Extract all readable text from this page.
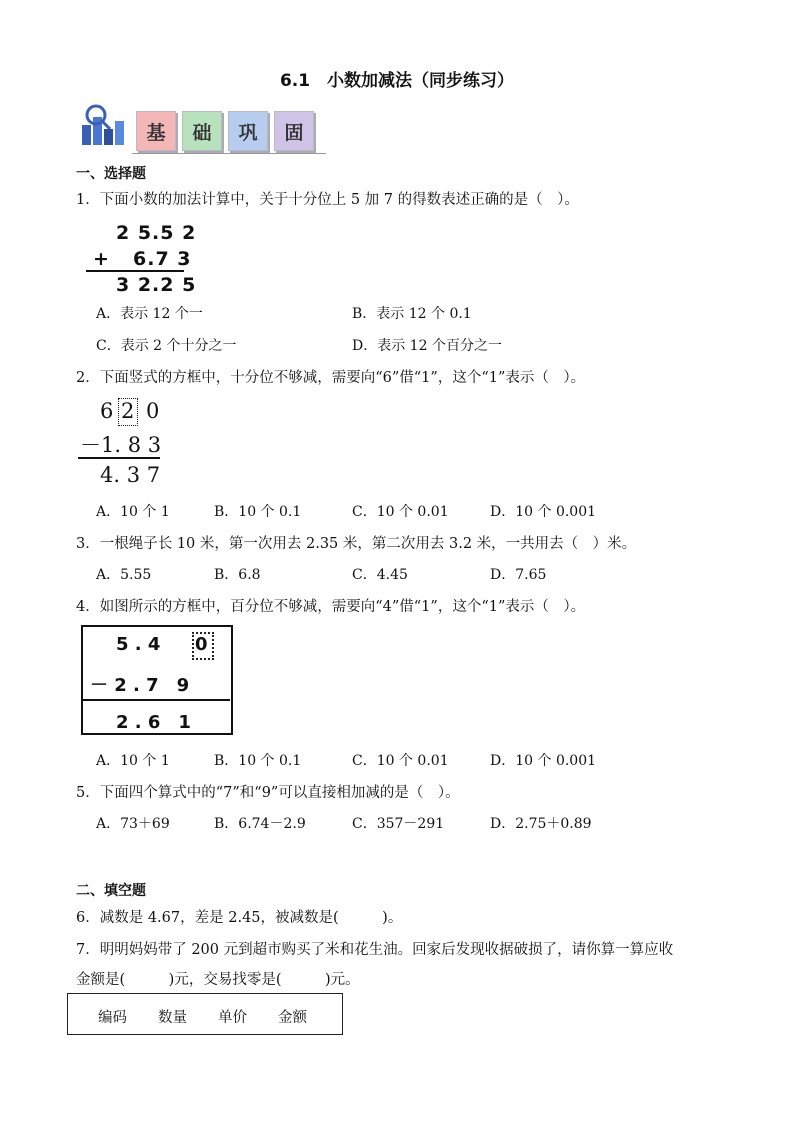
6.1　小数加减法（同步练习）
基	础	巩	固
一、选择题
1．下面小数的加法计算中，关于十分位上 5 加 7 的得数表述正确的是（　）。
2 5.5 2
+ 6.7 3
3 2.2 5
A．表示 12 个一	B．表示 12 个 0.1
C．表示 2 个十分之一	D．表示 12 个百分之一
2．下面竖式的方框中，十分位不够减，需要向“6”借“1”，这个“1”表示（　）。
6 2 0
－1. 8 3
4. 3 7
A．10 个 1	B．10 个 0.1	C．10 个 0.01	D．10 个 0.001
3．一根绳子长 10 米，第一次用去 2.35 米，第二次用去 3.2 米，一共用去（　）米。
A．5.55	B．6.8	C．4.45	D．7.65
4．如图所示的方框中，百分位不够减，需要向“4”借“1”，这个“1”表示（　）。
5 . 4 0
－ 2 . 7　9
2 . 6　1
A．10 个 1	B．10 个 0.1	C．10 个 0.01	D．10 个 0.001
5．下面四个算式中的“7”和“9”可以直接相加减的是（　）。
A．73＋69	B．6.74－2.9	C．357－291	D．2.75＋0.89
二、填空题
6．减数是 4.67，差是 2.45，被减数是(　　　)。
7．明明妈妈带了 200 元到超市购买了米和花生油。回家后发现收据破损了，请你算一算应收
金额是(　　　)元，交易找零是(　　　)元。
编码 数量 单价 金额
